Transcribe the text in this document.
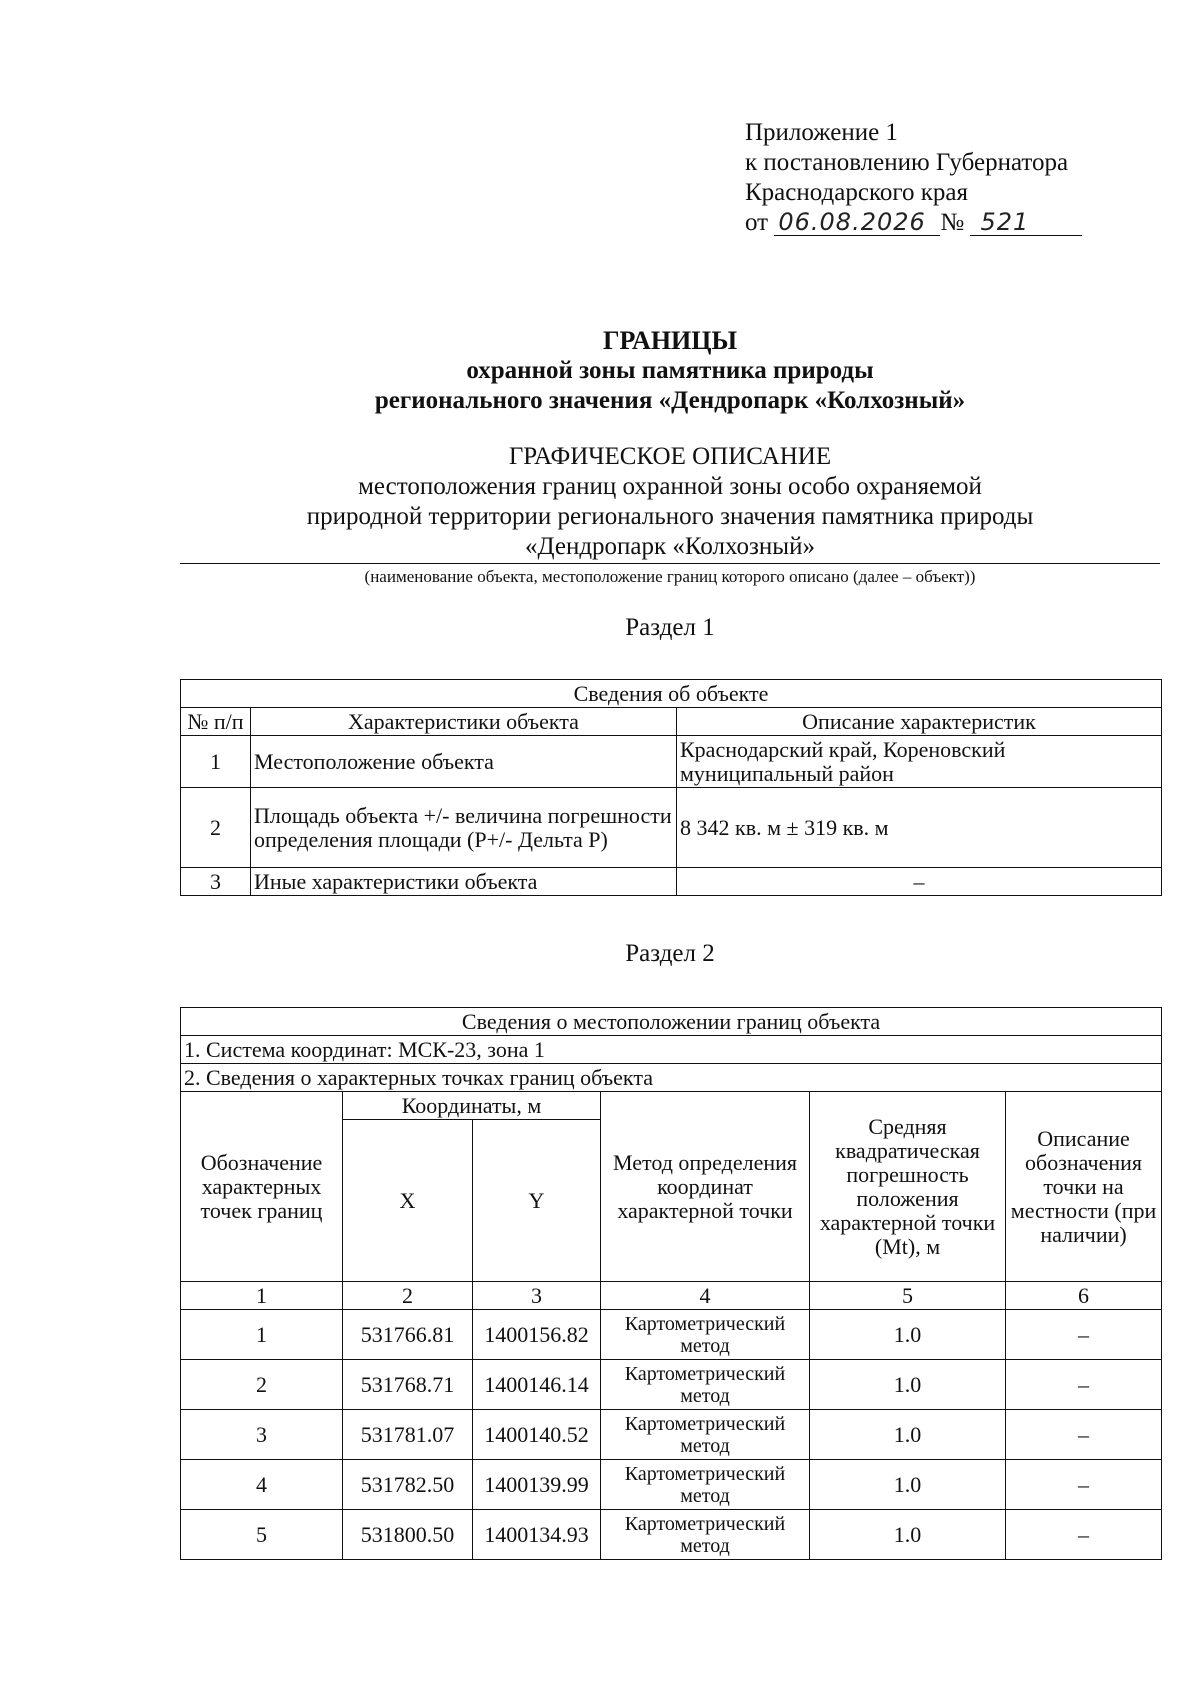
Приложение 1
к постановлению Губернатора
Краснодарского края
от 06.08.2026 № 521
ГРАНИЦЫ
охранной зоны памятника природы
регионального значения «Дендропарк «Колхозный»
ГРАФИЧЕСКОЕ ОПИСАНИЕ
местоположения границ охранной зоны особо охраняемой
природной территории регионального значения памятника природы
«Дендропарк «Колхозный»
(наименование объекта, местоположение границ которого описано (далее – объект))
Раздел 1
Сведения об объекте		
№ п/п	Характеристики объекта	Описание характеристик
1	Местоположение объекта	Краснодарский край, Кореновский муниципальный район
2	Площадь объекта +/- величина погрешности определения площади (Р+/- Дельта Р)	8 342 кв. м ± 319 кв. м
3	Иные характеристики объекта	–
Раздел 2
Сведения о местоположении границ объекта					
1. Система координат: МСК-23, зона 1					
2. Сведения о характерных точках границ объекта					
Обозначение характерных точек границ	Координаты, м		Метод определения координат характерной точки	Средняя квадратическая погрешность положения характерной точки (Mt), м	Описание обозначения точки на местности (при наличии)
	X	Y			
1	2	3	4	5	6
1	531766.81	1400156.82	Картометрический метод	1.0	–
2	531768.71	1400146.14	Картометрический метод	1.0	–
3	531781.07	1400140.52	Картометрический метод	1.0	–
4	531782.50	1400139.99	Картометрический метод	1.0	–
5	531800.50	1400134.93	Картометрический метод	1.0	–
